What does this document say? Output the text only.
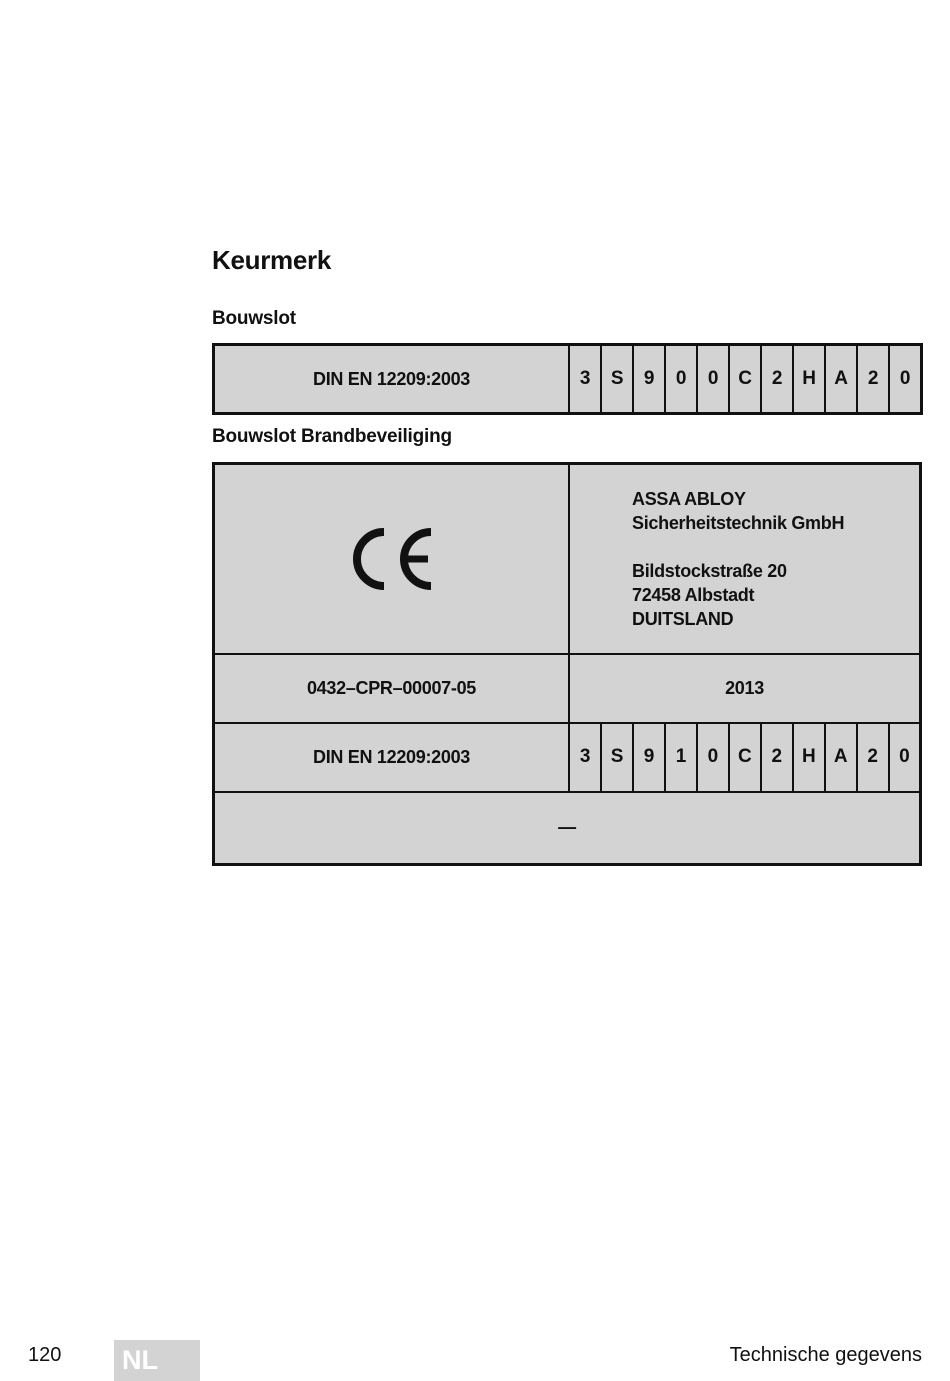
Keurmerk
Bouwslot
DIN EN 12209:2003	3	S	9	0	0	C	2	H	A	2	0
Bouwslot Brandbeveiliging

ASSA ABLOY
Sicherheitstechnik GmbH
Bildstockstraße 20
72458 Albstadt
DUITSLAND										

0432–CPR–00007-05	2013										
DIN EN 12209:2003	3	S	9	1	0	C	2	H	A	2	0
—											
120 NL	Technische gegevens
